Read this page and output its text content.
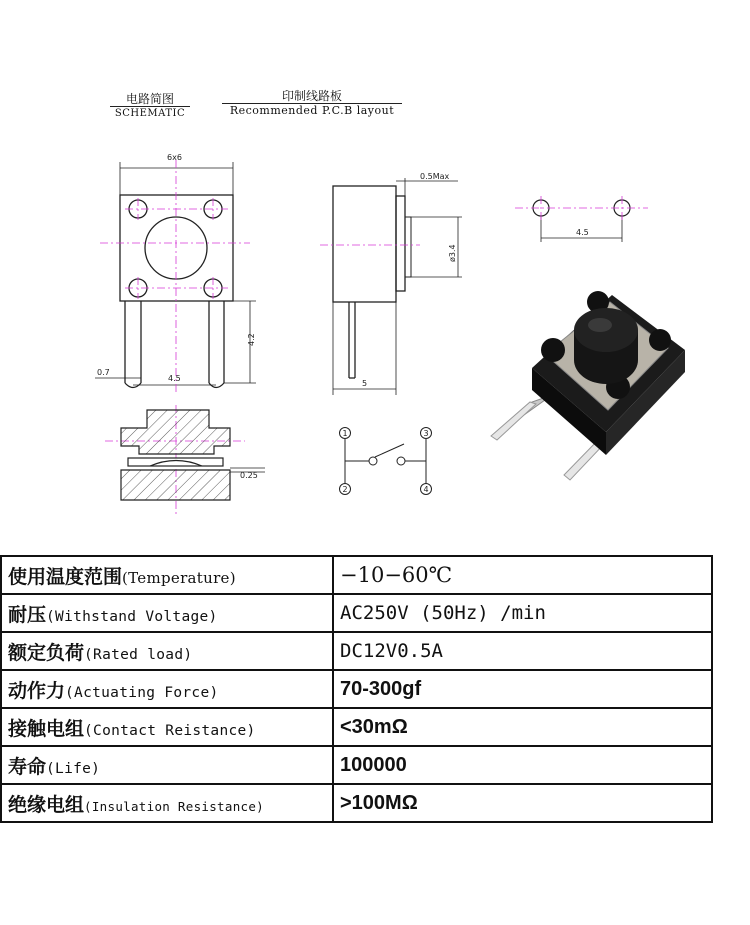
电路简图
SCHEMATIC
印制线路板
Recommended P.C.B layout
6x6
4.2
0.7
4.5
0.5Max
ø3.4
5
4.5
0.25
1
2
3
4
使用温度范围(Temperature)	−10−60℃
耐压(Withstand Voltage)	AC250V (50Hz) /min
额定负荷(Rated load)	DC12V0.5A
动作力(Actuating Force)	70-300gf
接触电组(Contact Reistance)	<30mΩ
寿命(Life)	100000
绝缘电组(Insulation Resistance)	>100MΩ
